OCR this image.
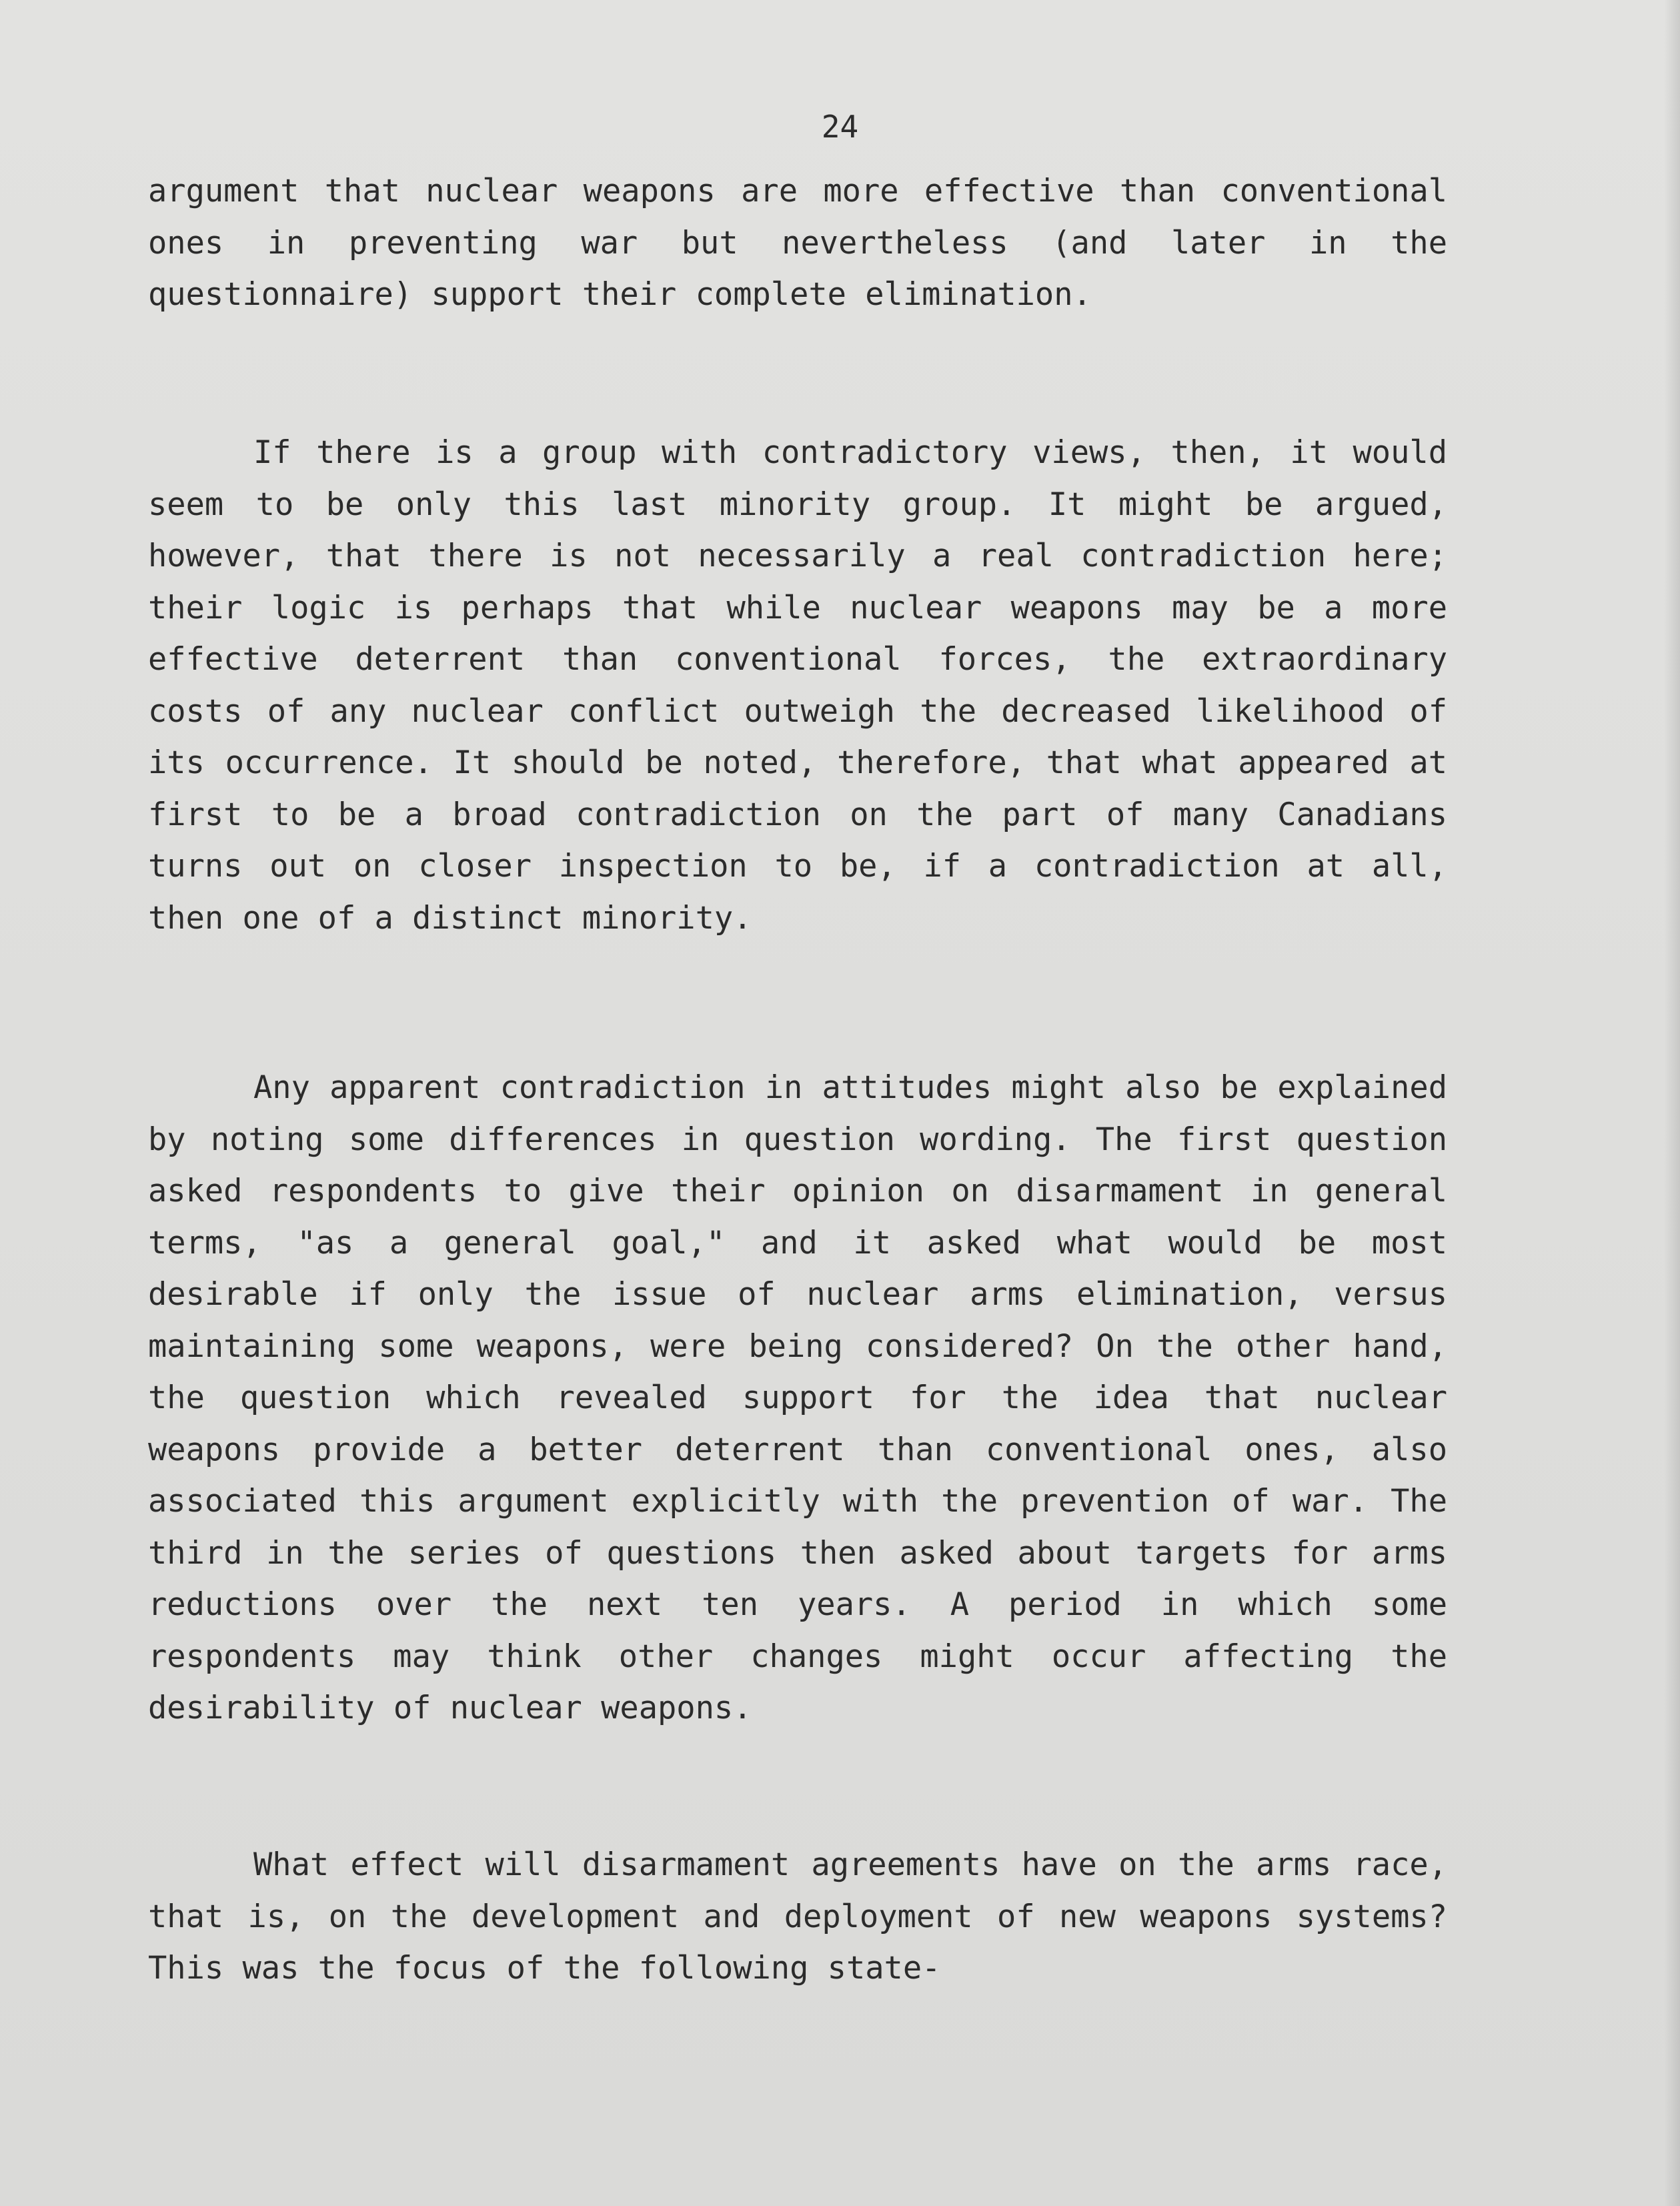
24

argument that nuclear weapons are more effective than conventional ones in preventing war but nevertheless (and later in the questionnaire) support their complete elimination.

If there is a group with contradictory views, then, it would seem to be only this last minority group. It might be argued, however, that there is not necessarily a real contradiction here; their logic is perhaps that while nuclear weapons may be a more effective deterrent than conventional forces, the extraordinary costs of any nuclear conflict outweigh the decreased likelihood of its occurrence. It should be noted, therefore, that what appeared at first to be a broad contradiction on the part of many Canadians turns out on closer inspection to be, if a contradiction at all, then one of a distinct minority.

Any apparent contradiction in attitudes might also be explained by noting some differences in question wording. The first question asked respondents to give their opinion on disarmament in general terms, "as a general goal," and it asked what would be most desirable if only the issue of nuclear arms elimination, versus maintaining some weapons, were being considered? On the other hand, the question which revealed support for the idea that nuclear weapons provide a better deterrent than conventional ones, also associated this argument explicitly with the prevention of war. The third in the series of questions then asked about targets for arms reductions over the next ten years. A period in which some respondents may think other changes might occur affecting the desirability of nuclear weapons.

What effect will disarmament agreements have on the arms race, that is, on the development and deployment of new weapons systems? This was the focus of the following state-
